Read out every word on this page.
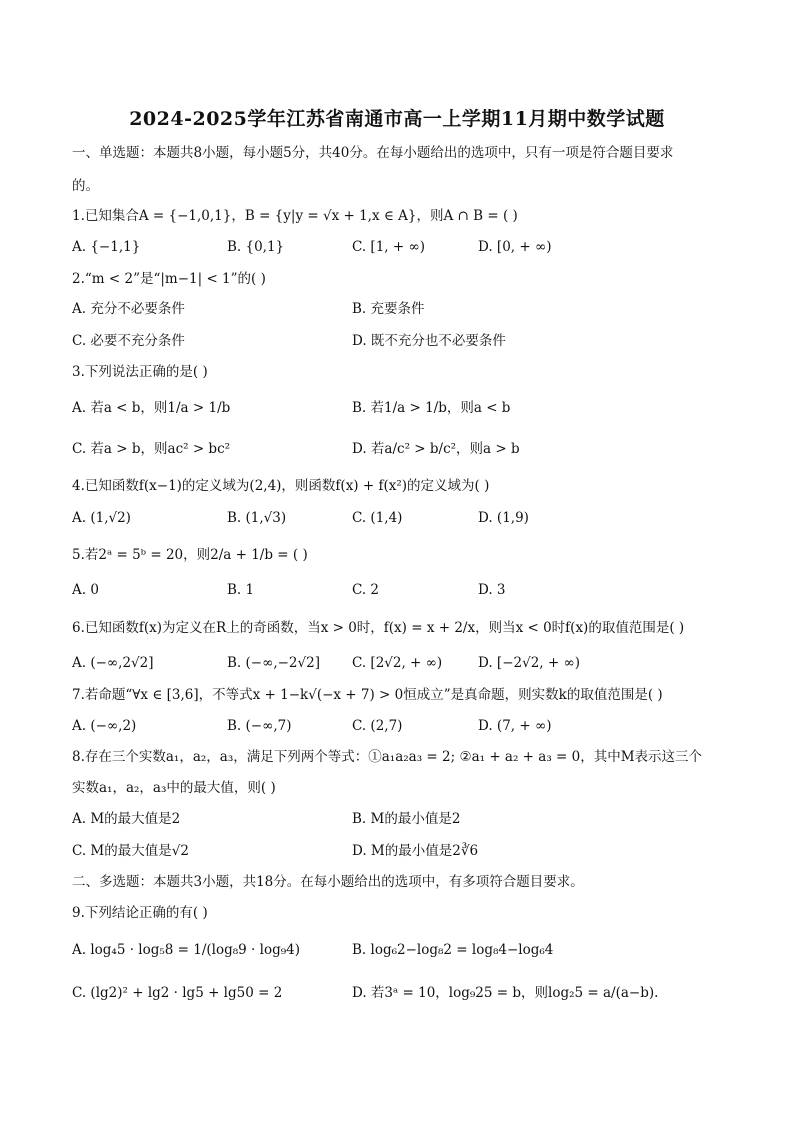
2024-2025学年江苏省南通市高一上学期11月期中数学试题
一、单选题：本题共8小题，每小题5分，共40分。在每小题给出的选项中，只有一项是符合题目要求
的。
1.已知集合A = {−1,0,1}，B = {y|y = √x + 1,x ∈ A}，则A ∩ B = ( )
A. {−1,1}	B. {0,1}	C. [1, + ∞)	D. [0, + ∞)
2.“m < 2”是“|m−1| < 1”的( )
A. 充分不必要条件	B. 充要条件
C. 必要不充分条件	D. 既不充分也不必要条件
3.下列说法正确的是( )
A. 若a < b，则1/a > 1/b	B. 若1/a > 1/b，则a < b
C. 若a > b，则ac² > bc²	D. 若a/c² > b/c²，则a > b
4.已知函数f(x−1)的定义域为(2,4)，则函数f(x) + f(x²)的定义域为( )
A. (1,√2)	B. (1,√3)	C. (1,4)	D. (1,9)
5.若2ᵃ = 5ᵇ = 20，则2/a + 1/b = ( )
A. 0	B. 1	C. 2	D. 3
6.已知函数f(x)为定义在R上的奇函数，当x > 0时，f(x) = x + 2/x，则当x < 0时f(x)的取值范围是( )
A. (−∞,2√2]	B. (−∞,−2√2] C. [2√2, + ∞)	D. [−2√2, + ∞)
7.若命题“∀x ∈ [3,6]，不等式x + 1−k√(−x + 7) > 0恒成立”是真命题，则实数k的取值范围是( )
A. (−∞,2)	B. (−∞,7)	C. (2,7)	D. (7, + ∞)
8.存在三个实数a₁，a₂，a₃，满足下列两个等式：①a₁a₂a₃ = 2; ②a₁ + a₂ + a₃ = 0，其中M表示这三个
实数a₁，a₂，a₃中的最大值，则( )
A. M的最大值是2	B. M的最小值是2
C. M的最大值是√2	D. M的最小值是2∛6
二、多选题：本题共3小题，共18分。在每小题给出的选项中，有多项符合题目要求。
9.下列结论正确的有( )
A. log₄5 · log₅8 = 1/(log₈9 · log₉4)	B. log₆2−log₈2 = log₈4−log₆4
C. (lg2)² + lg2 · lg5 + lg50 = 2	D. 若3ᵃ = 10，log₉25 = b，则log₂5 = a/(a−b).
